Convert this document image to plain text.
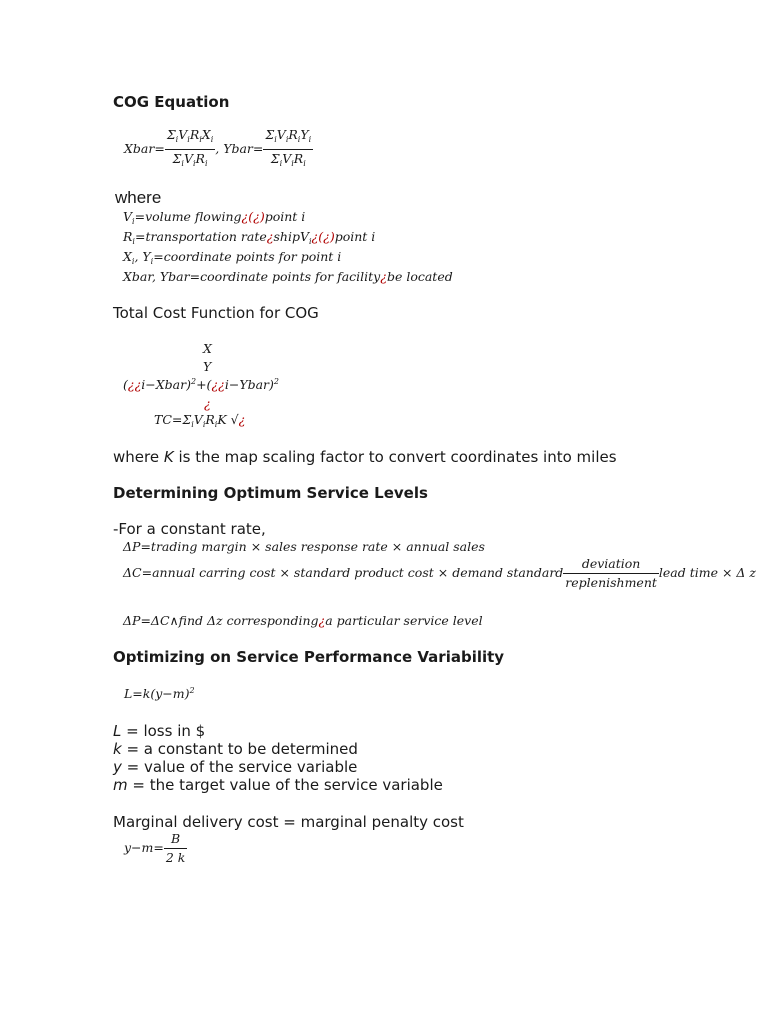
COG Equation
Xbar= $\frac{\Sigma_iV_iR_iX_i}{\Sigma_iV_iR_i}$ , Ybar= $\frac{\Sigma_iV_iR_iY_i}{\Sigma_iV_iR_i}$
where
$V_i=volume$ flowing¿(¿)point i
$R_i=transportation$ rate¿shipV$_i$¿(¿)point i
$X_i$, $Y_i=coordinate$ points for point i
Xbar, Ybar=coordinate points for facility¿be located
Total Cost Function for COG
X
Y
(¿¿i−Xbar)$^2$+(¿¿i−Ybar)$^2$
¿
$TC=\Sigma_iV_iR_iK$ √¿
where K is the map scaling factor to convert coordinates into miles
Determining Optimum Service Levels
-For a constant rate,
ΔP=trading margin × sales response rate × annual sales
ΔC=annual carring cost × standard product cost × demand standard $\frac{\text{deviation}}{\text{replenishment}}$ lead time × Δ z
ΔP=ΔC∧find Δz corresponding¿a particular service level
Optimizing on Service Performance Variability
$L=k(y-m)^2$
L = loss in $
k = a constant to be determined
y = value of the service variable
m = the target value of the service variable
Marginal delivery cost = marginal penalty cost
$y-m= \frac{B}{2 k}$
